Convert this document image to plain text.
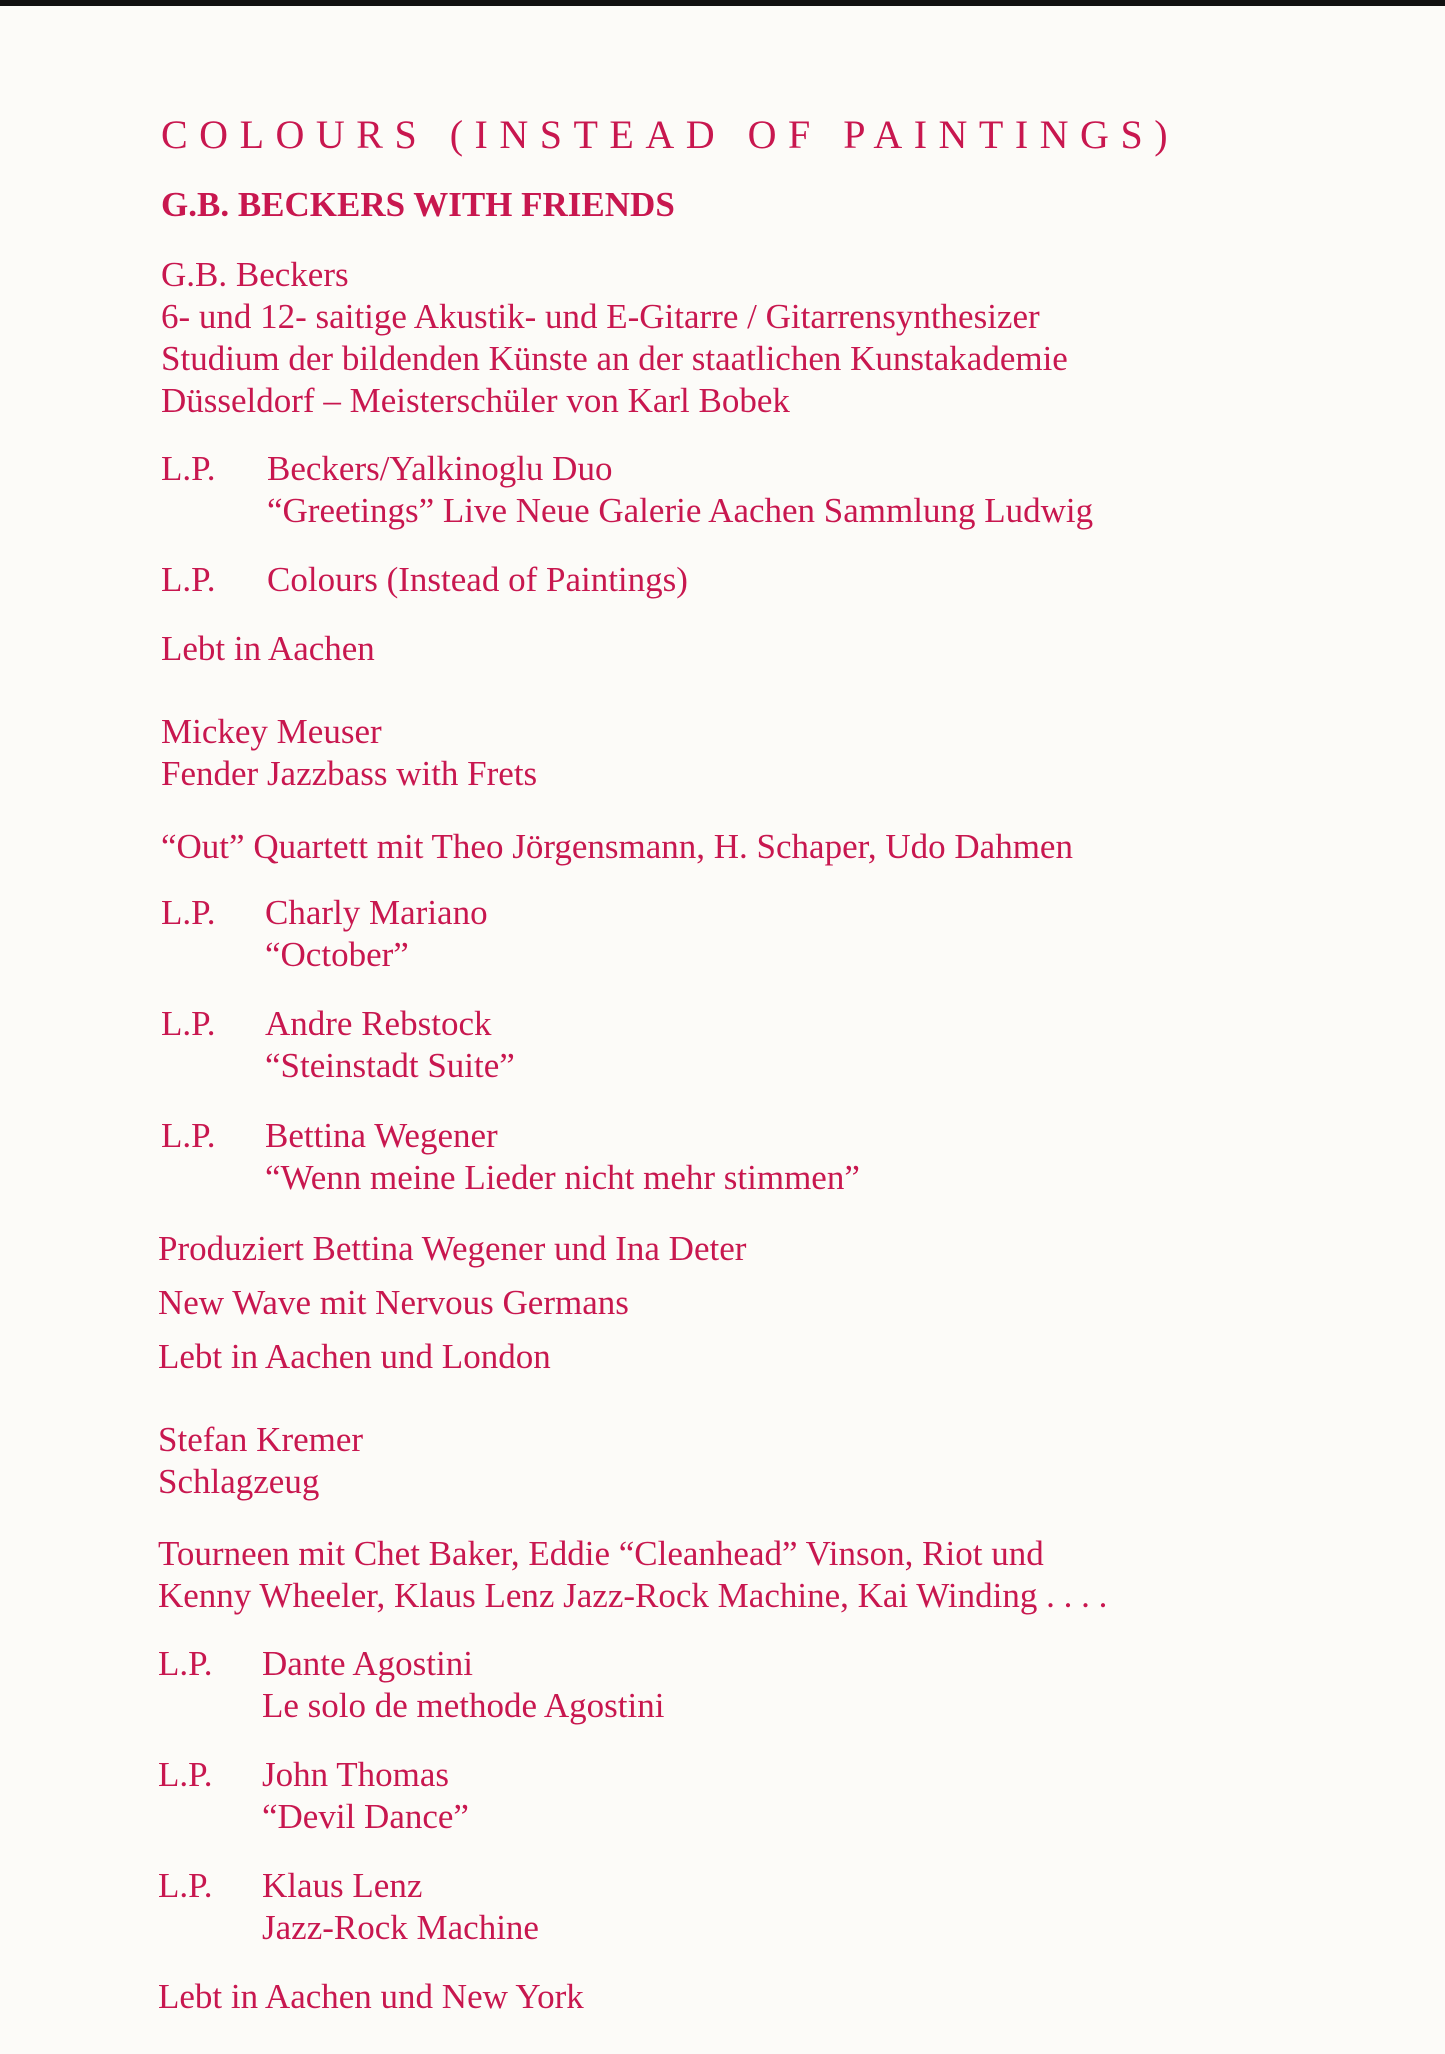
COLOURS (INSTEAD OF PAINTINGS)
G.B. BECKERS WITH FRIENDS
G.B. Beckers
6- und 12- saitige Akustik- und E-Gitarre / Gitarrensynthesizer
Studium der bildenden Künste an der staatlichen Kunstakademie
Düsseldorf – Meisterschüler von Karl Bobek
L.P. Beckers/Yalkinoglu Duo
“Greetings” Live Neue Galerie Aachen Sammlung Ludwig
L.P. Colours (Instead of Paintings)
Lebt in Aachen
Mickey Meuser
Fender Jazzbass with Frets
“Out” Quartett mit Theo Jörgensmann, H. Schaper, Udo Dahmen
L.P. Charly Mariano
“October”
L.P. Andre Rebstock
“Steinstadt Suite”
L.P. Bettina Wegener
“Wenn meine Lieder nicht mehr stimmen”
Produziert Bettina Wegener und Ina Deter
New Wave mit Nervous Germans
Lebt in Aachen und London
Stefan Kremer
Schlagzeug
Tourneen mit Chet Baker, Eddie “Cleanhead” Vinson, Riot und
Kenny Wheeler, Klaus Lenz Jazz-Rock Machine, Kai Winding . . . .
L.P. Dante Agostini
Le solo de methode Agostini
L.P. John Thomas
“Devil Dance”
L.P. Klaus Lenz
Jazz-Rock Machine
Lebt in Aachen und New York
